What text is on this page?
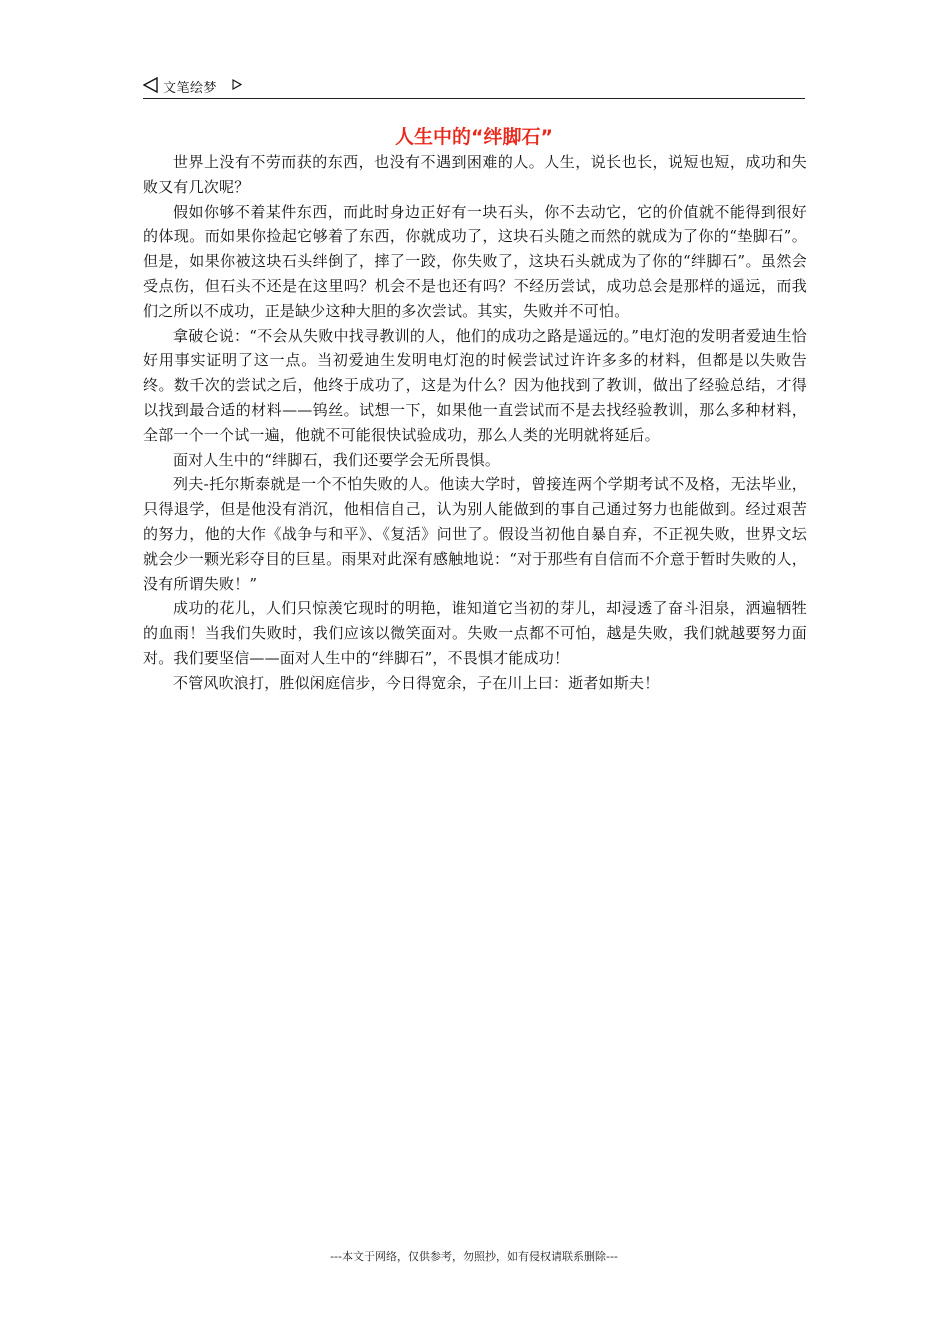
文笔绘梦
人生中的“绊脚石”

世界上没有不劳而获的东西，也没有不遇到困难的人。人生，说长也长，说短也短，成功和失败又有几次呢？

假如你够不着某件东西，而此时身边正好有一块石头，你不去动它，它的价值就不能得到很好的体现。而如果你捡起它够着了东西，你就成功了，这块石头随之而然的就成为了你的“垫脚石”。但是，如果你被这块石头绊倒了，摔了一跤，你失败了，这块石头就成为了你的“绊脚石”。虽然会受点伤，但石头不还是在这里吗？机会不是也还有吗？不经历尝试，成功总会是那样的遥远，而我们之所以不成功，正是缺少这种大胆的多次尝试。其实，失败并不可怕。

拿破仑说：“不会从失败中找寻教训的人，他们的成功之路是遥远的。”电灯泡的发明者爱迪生恰好用事实证明了这一点。当初爱迪生发明电灯泡的时候尝试过许许多多的材料，但都是以失败告终。数千次的尝试之后，他终于成功了，这是为什么？因为他找到了教训，做出了经验总结，才得以找到最合适的材料——钨丝。试想一下，如果他一直尝试而不是去找经验教训，那么多种材料，全部一个一个试一遍，他就不可能很快试验成功，那么人类的光明就将延后。

面对人生中的“绊脚石，我们还要学会无所畏惧。

列夫-托尔斯泰就是一个不怕失败的人。他读大学时，曾接连两个学期考试不及格，无法毕业，只得退学，但是他没有消沉，他相信自己，认为别人能做到的事自己通过努力也能做到。经过艰苦的努力，他的大作《战争与和平》、《复活》问世了。假设当初他自暴自弃，不正视失败，世界文坛就会少一颗光彩夺目的巨星。雨果对此深有感触地说：“对于那些有自信而不介意于暂时失败的人，没有所谓失败！”

成功的花儿，人们只惊羡它现时的明艳，谁知道它当初的芽儿，却浸透了奋斗泪泉，洒遍牺牲的血雨！当我们失败时，我们应该以微笑面对。失败一点都不可怕，越是失败，我们就越要努力面对。我们要坚信——面对人生中的“绊脚石”，不畏惧才能成功！

不管风吹浪打，胜似闲庭信步，今日得宽余，子在川上曰：逝者如斯夫！

---本文于网络，仅供参考，勿照抄，如有侵权请联系删除---
